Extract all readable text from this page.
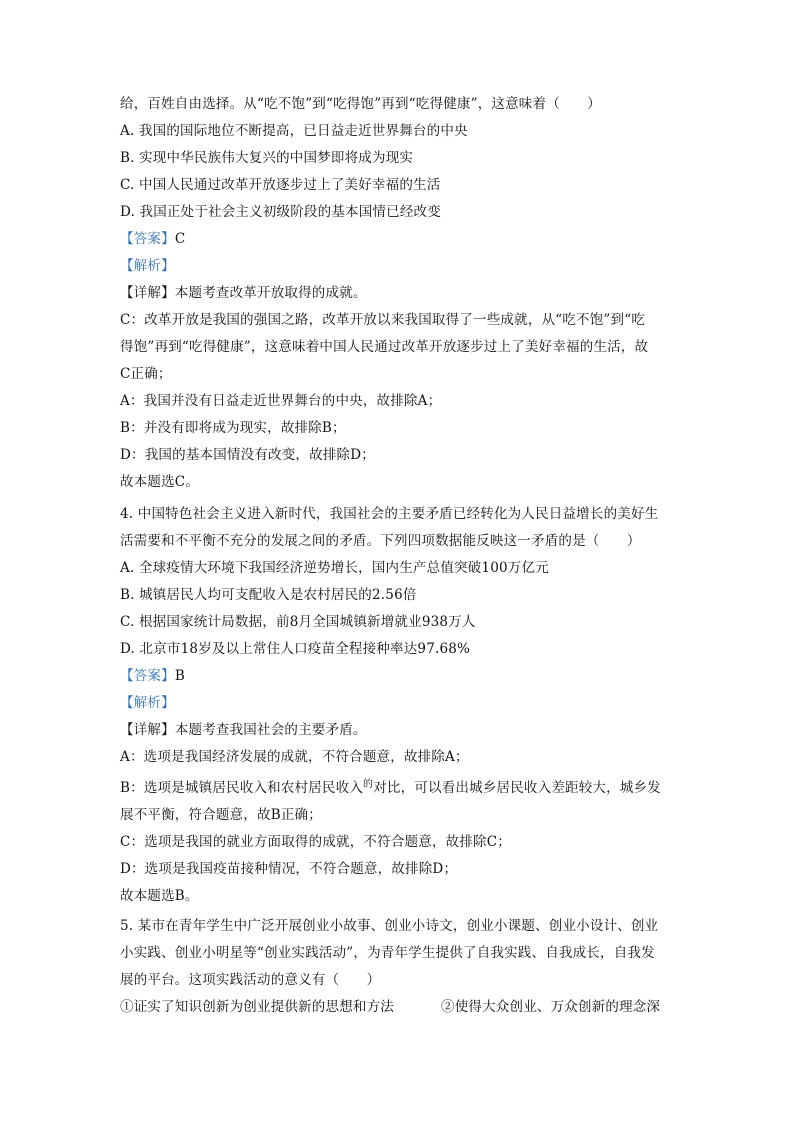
给，百姓自由选择。从“吃不饱”到“吃得饱”再到“吃得健康”，这意味着（　　）
A. 我国的国际地位不断提高，已日益走近世界舞台的中央
B. 实现中华民族伟大复兴的中国梦即将成为现实
C. 中国人民通过改革开放逐步过上了美好幸福的生活
D. 我国正处于社会主义初级阶段的基本国情已经改变
【答案】C
【解析】
【详解】本题考查改革开放取得的成就。
C：改革开放是我国的强国之路，改革开放以来我国取得了一些成就，从“吃不饱”到“吃
得饱”再到“吃得健康”，这意味着中国人民通过改革开放逐步过上了美好幸福的生活，故
C正确；
A：我国并没有日益走近世界舞台的中央，故排除A；
B：并没有即将成为现实，故排除B；
D：我国的基本国情没有改变，故排除D；
故本题选C。
4. 中国特色社会主义进入新时代，我国社会的主要矛盾已经转化为人民日益增长的美好生
活需要和不平衡不充分的发展之间的矛盾。下列四项数据能反映这一矛盾的是（　　）
A. 全球疫情大环境下我国经济逆势增长，国内生产总值突破100万亿元
B. 城镇居民人均可支配收入是农村居民的2.56倍
C. 根据国家统计局数据，前8月全国城镇新增就业938万人
D. 北京市18岁及以上常住人口疫苗全程接种率达97.68%
【答案】B
【解析】
【详解】本题考查我国社会的主要矛盾。
A：选项是我国经济发展的成就，不符合题意，故排除A；
B：选项是城镇居民收入和农村居民收入$^的$对比，可以看出城乡居民收入差距较大，城乡发
展不平衡，符合题意，故B正确；
C：选项是我国的就业方面取得的成就，不符合题意，故排除C；
D：选项是我国疫苗接种情况，不符合题意，故排除D；
故本题选B。
5. 某市在青年学生中广泛开展创业小故事、创业小诗文，创业小课题、创业小设计、创业
小实践、创业小明星等“创业实践活动”，为青年学生提供了自我实践、自我成长，自我发
展的平台。这项实践活动的意义有（　　）
①证实了知识创新为创业提供新的思想和方法	②使得大众创业、万众创新的理念深
